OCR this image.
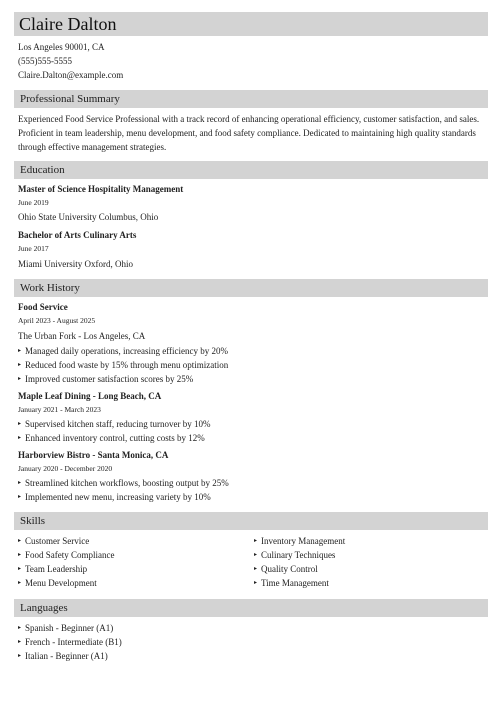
Claire Dalton
Los Angeles 90001, CA
(555)555-5555
Claire.Dalton@example.com
Professional Summary
Experienced Food Service Professional with a track record of enhancing operational efficiency, customer satisfaction, and sales. Proficient in team leadership, menu development, and food safety compliance. Dedicated to maintaining high quality standards through effective management strategies.
Education
Master of Science Hospitality Management
June 2019
Ohio State University Columbus, Ohio
Bachelor of Arts Culinary Arts
June 2017
Miami University Oxford, Ohio
Work History
Food Service
April 2023 - August 2025
The Urban Fork - Los Angeles, CA
▸ Managed daily operations, increasing efficiency by 20%
▸ Reduced food waste by 15% through menu optimization
▸ Improved customer satisfaction scores by 25%
Maple Leaf Dining - Long Beach, CA
January 2021 - March 2023
▸ Supervised kitchen staff, reducing turnover by 10%
▸ Enhanced inventory control, cutting costs by 12%
Harborview Bistro - Santa Monica, CA
January 2020 - December 2020
▸ Streamlined kitchen workflows, boosting output by 25%
▸ Implemented new menu, increasing variety by 10%
Skills
▸ Customer Service
▸ Food Safety Compliance
▸ Team Leadership
▸ Menu Development
▸ Inventory Management
▸ Culinary Techniques
▸ Quality Control
▸ Time Management
Languages
▸ Spanish - Beginner (A1)
▸ French - Intermediate (B1)
▸ Italian - Beginner (A1)
